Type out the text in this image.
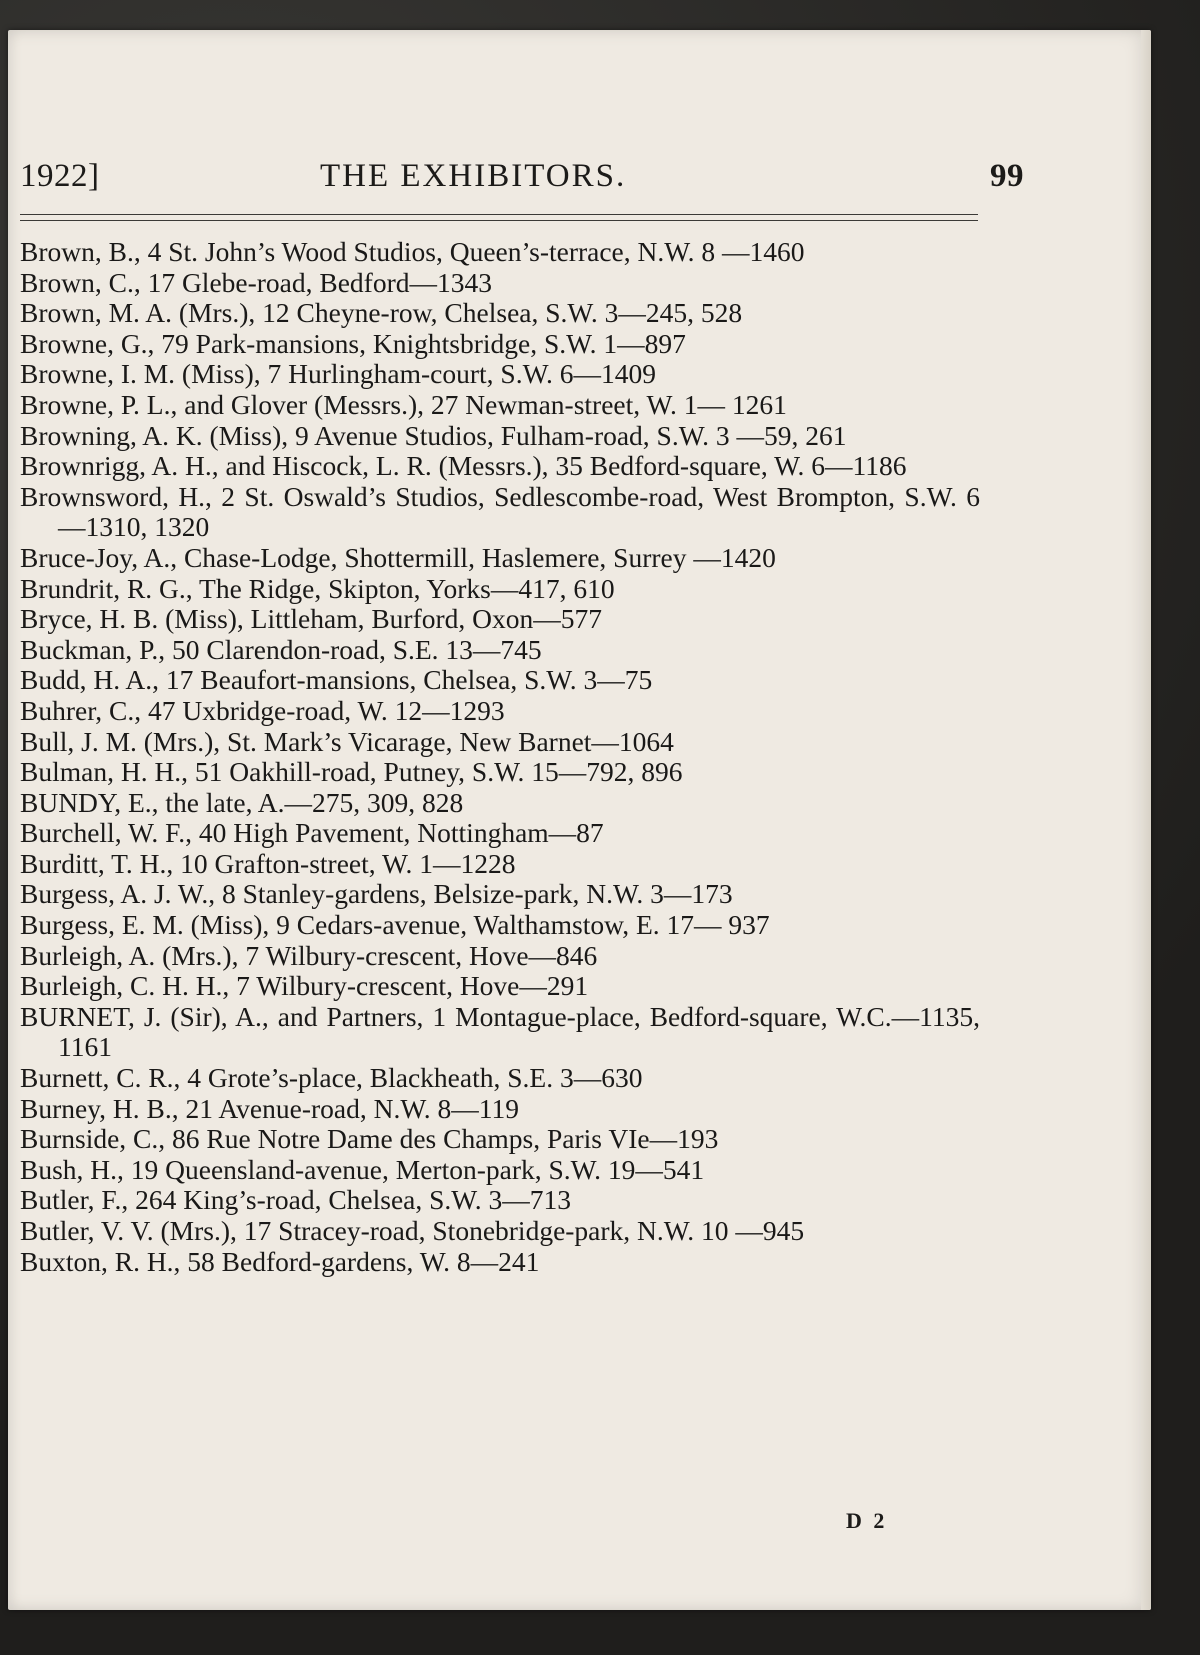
1922]	THE EXHIBITORS.	99
Brown, B., 4 St. John’s Wood Studios, Queen’s-terrace, N.W. 8 —1460
Brown, C., 17 Glebe-road, Bedford—1343
Brown, M. A. (Mrs.), 12 Cheyne-row, Chelsea, S.W. 3—245, 528
Browne, G., 79 Park-mansions, Knightsbridge, S.W. 1—897
Browne, I. M. (Miss), 7 Hurlingham-court, S.W. 6—1409
Browne, P. L., and Glover (Messrs.), 27 Newman-street, W. 1— 1261
Browning, A. K. (Miss), 9 Avenue Studios, Fulham-road, S.W. 3 —59, 261
Brownrigg, A. H., and Hiscock, L. R. (Messrs.), 35 Bedford-square, W. 6—1186
Brownsword, H., 2 St. Oswald’s Studios, Sedlescombe-road, West Brompton, S.W. 6—1310, 1320
Bruce-Joy, A., Chase-Lodge, Shottermill, Haslemere, Surrey —1420
Brundrit, R. G., The Ridge, Skipton, Yorks—417, 610
Bryce, H. B. (Miss), Littleham, Burford, Oxon—577
Buckman, P., 50 Clarendon-road, S.E. 13—745
Budd, H. A., 17 Beaufort-mansions, Chelsea, S.W. 3—75
Buhrer, C., 47 Uxbridge-road, W. 12—1293
Bull, J. M. (Mrs.), St. Mark’s Vicarage, New Barnet—1064
Bulman, H. H., 51 Oakhill-road, Putney, S.W. 15—792, 896
BUNDY, E., the late, A.—275, 309, 828
Burchell, W. F., 40 High Pavement, Nottingham—87
Burditt, T. H., 10 Grafton-street, W. 1—1228
Burgess, A. J. W., 8 Stanley-gardens, Belsize-park, N.W. 3—173
Burgess, E. M. (Miss), 9 Cedars-avenue, Walthamstow, E. 17— 937
Burleigh, A. (Mrs.), 7 Wilbury-crescent, Hove—846
Burleigh, C. H. H., 7 Wilbury-crescent, Hove—291
BURNET, J. (Sir), A., and Partners, 1 Montague-place, Bedford-square, W.C.—1135, 1161
Burnett, C. R., 4 Grote’s-place, Blackheath, S.E. 3—630
Burney, H. B., 21 Avenue-road, N.W. 8—119
Burnside, C., 86 Rue Notre Dame des Champs, Paris VIe—193
Bush, H., 19 Queensland-avenue, Merton-park, S.W. 19—541
Butler, F., 264 King’s-road, Chelsea, S.W. 3—713
Butler, V. V. (Mrs.), 17 Stracey-road, Stonebridge-park, N.W. 10 —945
Buxton, R. H., 58 Bedford-gardens, W. 8—241
D 2
